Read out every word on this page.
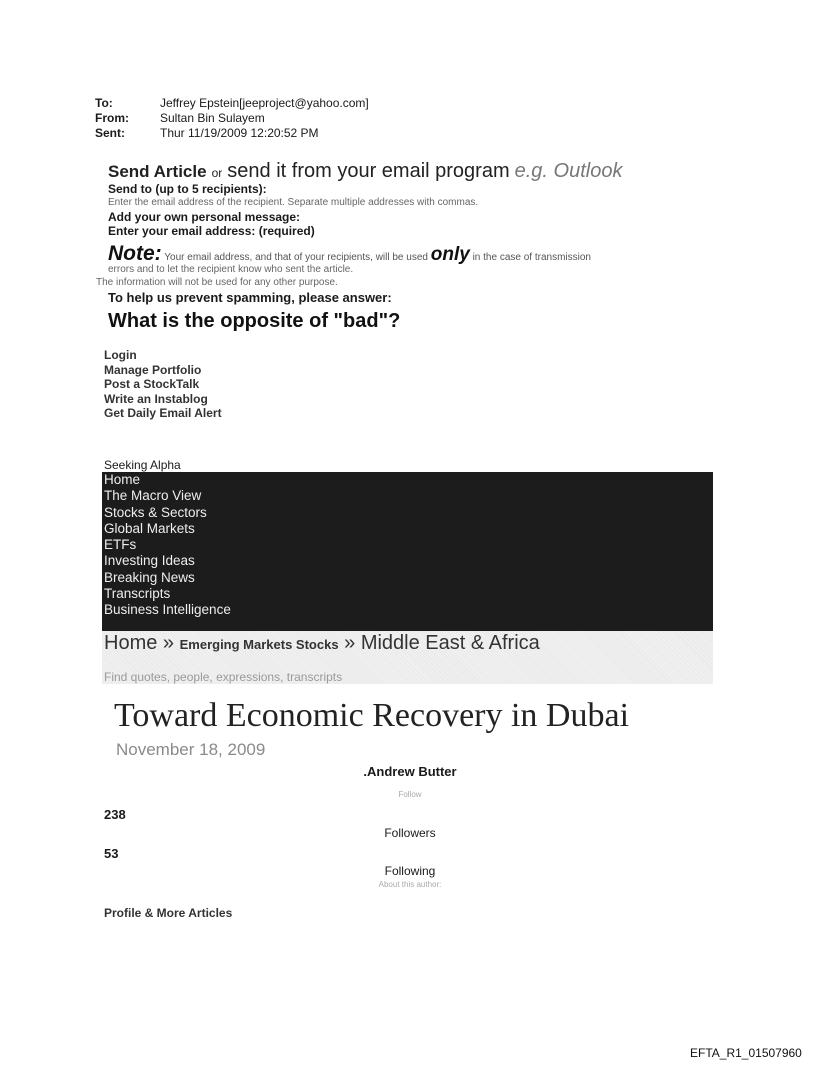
To:	Jeffrey Epstein[jeeproject@yahoo.com]
From:	Sultan Bin Sulayem
Sent:	Thur 11/19/2009 12:20:52 PM
Send Article or send it from your email program e.g. Outlook
Send to (up to 5 recipients):
Enter the email address of the recipient. Separate multiple addresses with commas.
Add your own personal message:
Enter your email address: (required)
Note: Your email address, and that of your recipients, will be used only in the case of transmission
errors and to let the recipient know who sent the article.
The information will not be used for any other purpose.
To help us prevent spamming, please answer:
What is the opposite of "bad"?
Login
Manage Portfolio
Post a StockTalk
Write an Instablog
Get Daily Email Alert
Seeking Alpha
Home
The Macro View
Stocks & Sectors
Global Markets
ETFs
Investing Ideas
Breaking News
Transcripts
Business Intelligence
Home » Emerging Markets Stocks » Middle East & Africa
Find quotes, people, expressions, transcripts
Toward Economic Recovery in Dubai
November 18, 2009
.Andrew Butter
Follow
238
Followers
53
Following
About this author:
Profile & More Articles
EFTA_R1_01507960
